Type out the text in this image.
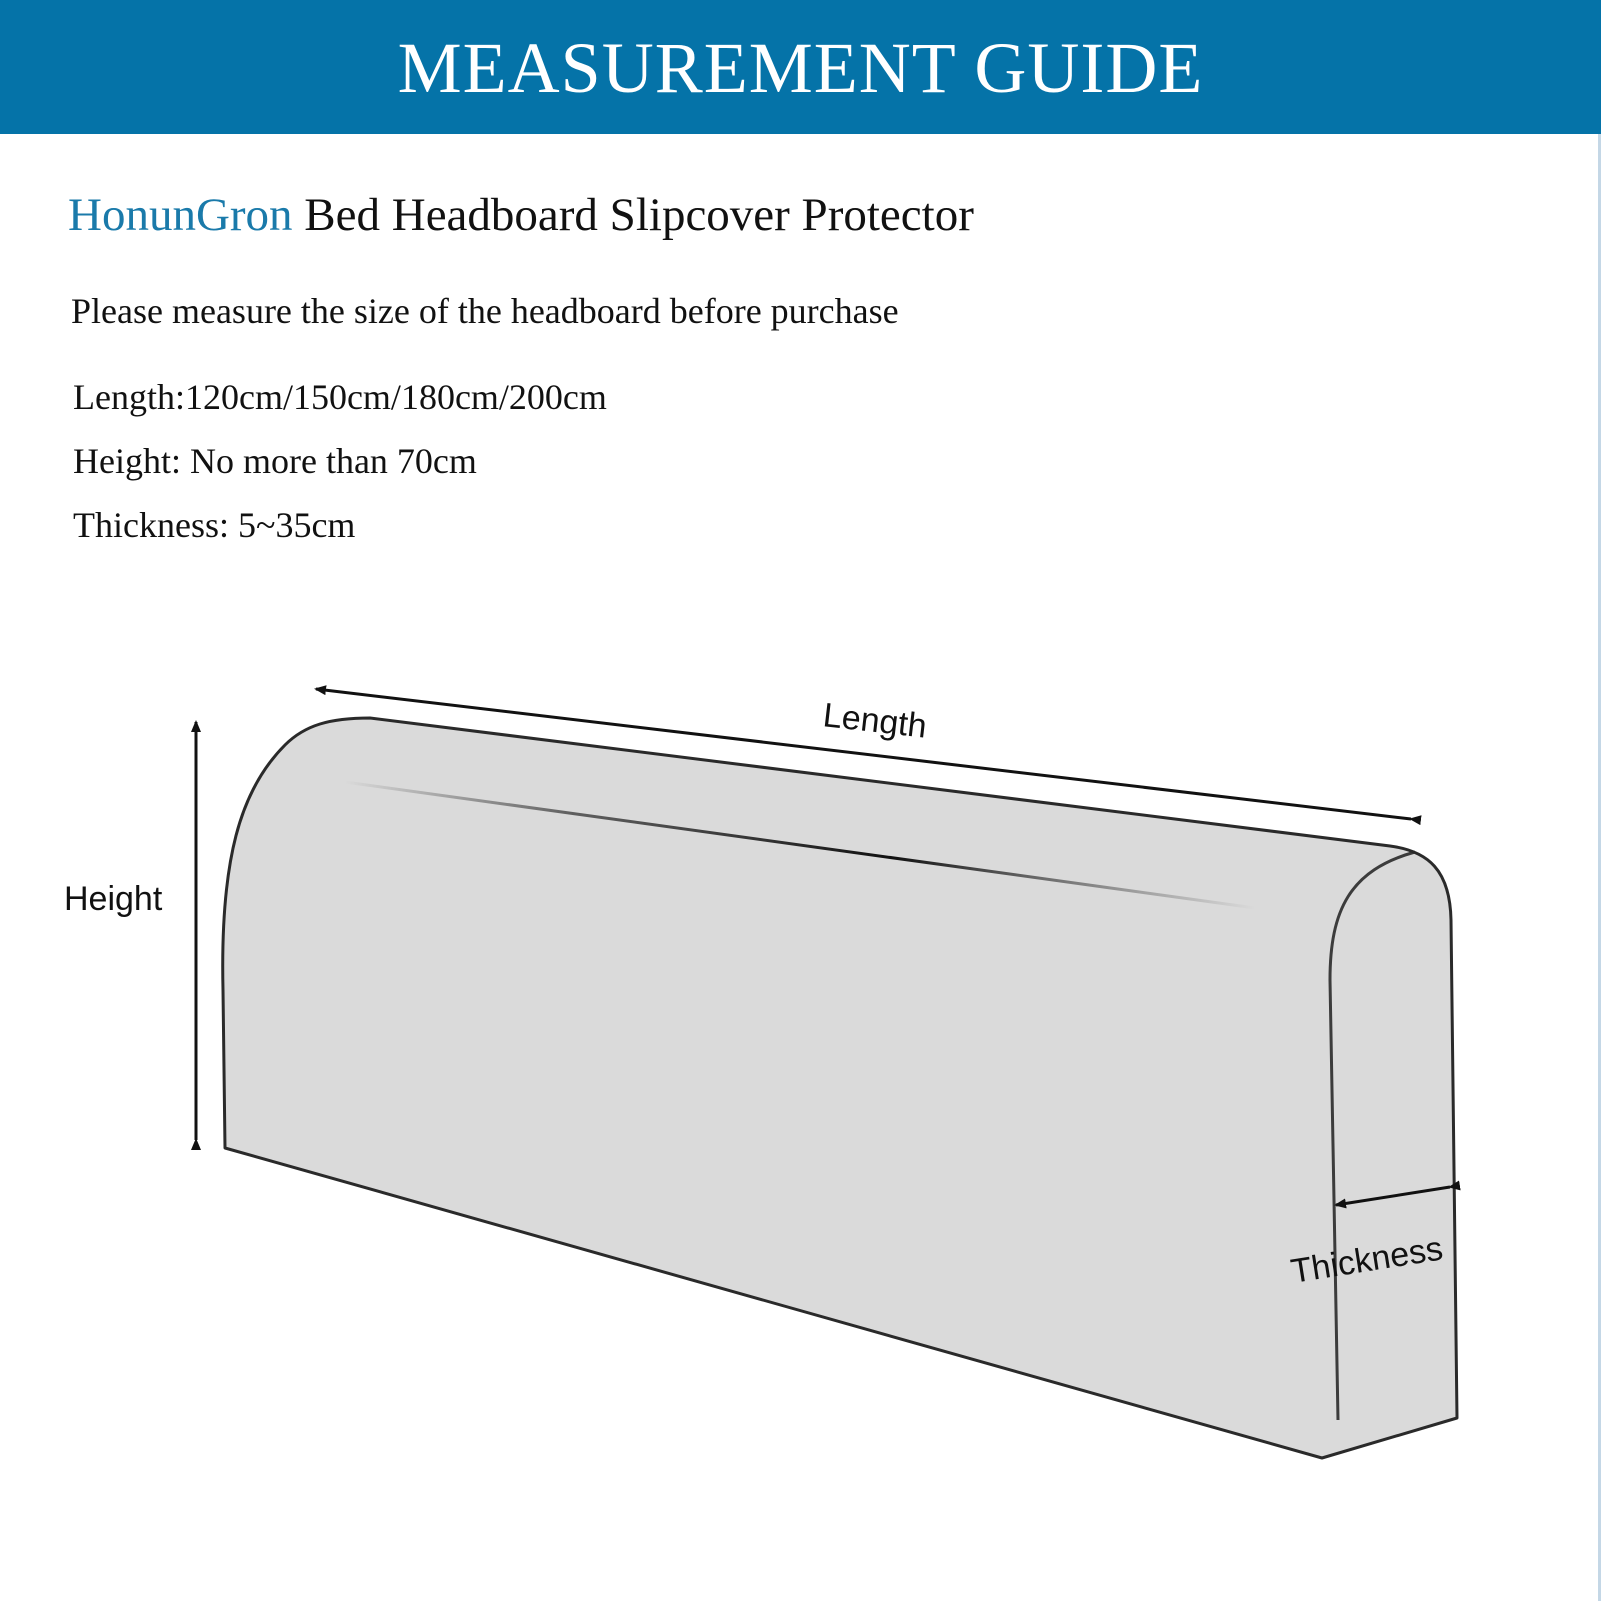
MEASUREMENT GUIDE
HonunGron Bed Headboard Slipcover Protector
Please measure the size of the headboard before purchase
Length:120cm/150cm/180cm/200cm
Height: No more than 70cm
Thickness: 5~35cm
Length
Height
Thickness
